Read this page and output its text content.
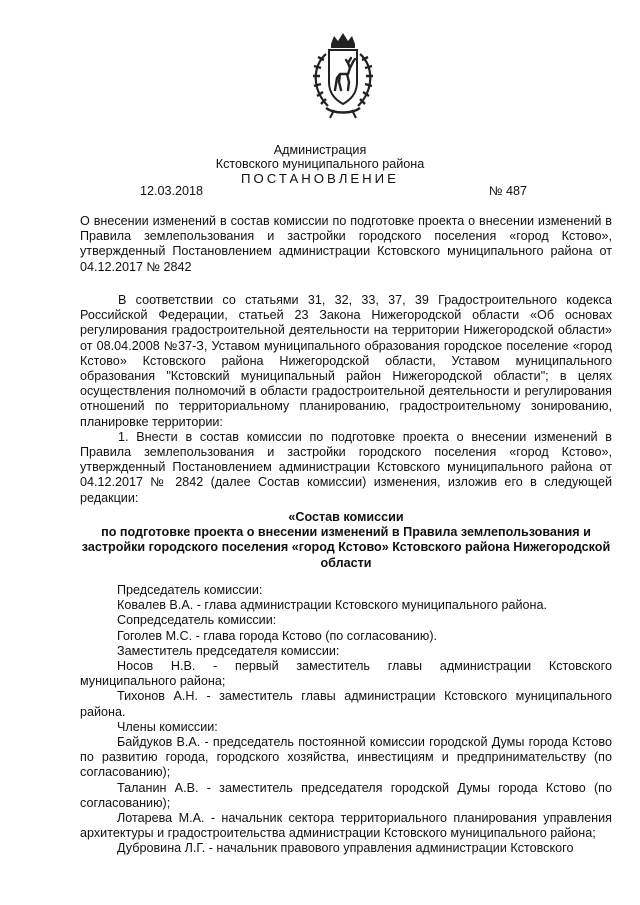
Администрация
Кстовского муниципального района
ПОСТАНОВЛЕНИЕ
12.03.2018	№ 487
О внесении изменений в состав комиссии по подготовке проекта о внесении изменений в Правила землепользования и застройки городского поселения «город Кстово», утвержденный Постановлением администрации Кстовского муниципального района от 04.12.2017 № 2842

В соответствии со статьями 31, 32, 33, 37, 39 Градостроительного кодекса Российской Федерации, статьей 23 Закона Нижегородской области «Об основах регулирования градостроительной деятельности на территории Нижегородской области» от 08.04.2008 №37-З, Уставом муниципального образования городское поселение «город Кстово» Кстовского района Нижегородской области, Уставом муниципального образования "Кстовский муниципальный район Нижегородской области"; в целях осуществления полномочий в области градостроительной деятельности и регулирования отношений по территориальному планированию, градостроительному зонированию, планировке территории:

1. Внести в состав комиссии по подготовке проекта о внесении изменений в Правила землепользования и застройки городского поселения «город Кстово», утвержденный Постановлением администрации Кстовского муниципального района от 04.12.2017 № 2842 (далее Состав комиссии) изменения, изложив его в следующей редакции:

«Состав комиссии
по подготовке проекта о внесении изменений в Правила землепользования и застройки городского поселения «город Кстово» Кстовского района Нижегородской области

Председатель комиссии:

Ковалев В.А. - глава администрации Кстовского муниципального района.

Сопредседатель комиссии:

Гоголев М.С. - глава города Кстово (по согласованию).

Заместитель председателя комиссии:

Носов Н.В. - первый заместитель главы администрации Кстовского муниципального района;

Тихонов А.Н. - заместитель главы администрации Кстовского муниципального района.

Члены комиссии:

Байдуков В.А. - председатель постоянной комиссии городской Думы города Кстово по развитию города, городского хозяйства, инвестициям и предпринимательству (по согласованию);

Таланин А.В. - заместитель председателя городской Думы города Кстово (по согласованию);

Лотарева М.А. - начальник сектора территориального планирования управления архитектуры и градостроительства администрации Кстовского муниципального района;

Дубровина Л.Г. - начальник правового управления администрации Кстовского
